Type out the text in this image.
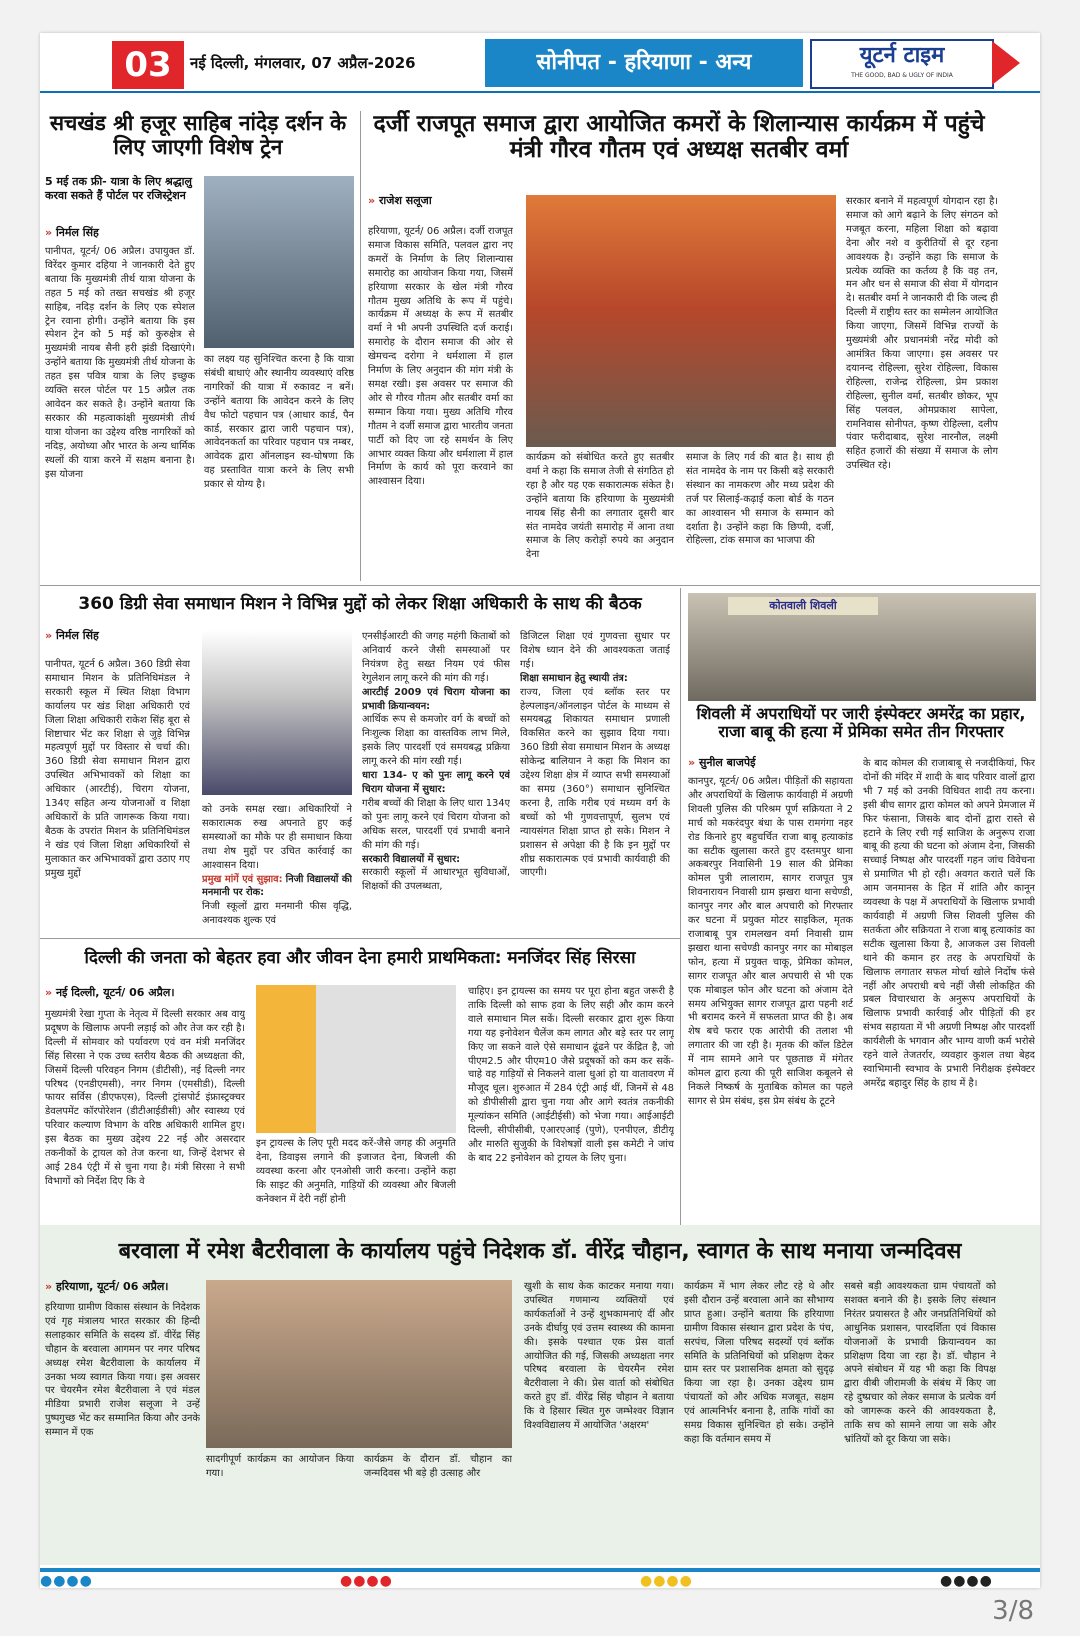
03	नई दिल्ली, मंगलवार, 07 अप्रैल-2026	सोनीपत - हरियाणा - अन्य	यूटर्न टाइम
THE GOOD, BAD & UGLY OF INDIA
सचखंड श्री हजूर साहिब नांदेड़ दर्शन के लिए जाएगी विशेष ट्रेन
5 मई तक फ्री- यात्रा के लिए श्रद्धालु करवा सकते हैं पोर्टल पर रजिस्ट्रेशन
» निर्मल सिंह
पानीपत, यूटर्न/ 06 अप्रैल। उपायुक्त डॉ. विरेंदर कुमार दहिया ने जानकारी देते हुए बताया कि मुख्यमंत्री तीर्थ यात्रा योजना के तहत 5 मई को तख्त सचखंड श्री हजूर साहिब, नदिड़ दर्शन के लिए एक स्पेशल ट्रेन रवाना होगी। उन्होंने बताया कि इस स्पेशन ट्रेन को 5 मई को कुरुक्षेत्र से मुख्यमंत्री नायब सैनी हरी झंडी दिखाएंगे। उन्होंने बताया कि मुख्यमंत्री तीर्थ योजना के तहत इस पवित्र यात्रा के लिए इच्छुक व्यक्ति सरल पोर्टल पर 15 अप्रैल तक आवेदन कर सकते है। उन्होंने बताया कि सरकार की महत्वाकांक्षी मुख्यमंत्री तीर्थ यात्रा योजना का उद्देश्य वरिष्ठ नागरिकों को नदिड़, अयोध्या और भारत के अन्य धार्मिक स्थलों की यात्रा करने में सक्षम बनाना है। इस योजना
का लक्ष्य यह सुनिश्चित करना है कि यात्रा संबंधी बाधाएं और स्थानीय व्यवस्थाएं वरिष्ठ नागरिकों की यात्रा में रुकावट न बनें। उन्होंने बताया कि आवेदन करने के लिए वैध फोटो पहचान पत्र (आधार कार्ड, पैन कार्ड, सरकार द्वारा जारी पहचान पत्र), आवेदनकर्ता का परिवार पहचान पत्र नम्बर, आवेदक द्वारा ऑनलाइन स्व-घोषणा कि वह प्रस्तावित यात्रा करने के लिए सभी प्रकार से योग्य है।
दर्जी राजपूत समाज द्वारा आयोजित कमरों के शिलान्यास कार्यक्रम में पहुंचे मंत्री गौरव गौतम एवं अध्यक्ष सतबीर वर्मा
» राजेश सलूजा
हरियाणा, यूटर्न/ 06 अप्रैल। दर्जी राजपूत समाज विकास समिति, पलवल द्वारा नए कमरों के निर्माण के लिए शिलान्यास समारोह का आयोजन किया गया, जिसमें हरियाणा सरकार के खेल मंत्री गौरव गौतम मुख्य अतिथि के रूप में पहुंचे। कार्यक्रम में अध्यक्ष के रूप में सतबीर वर्मा ने भी अपनी उपस्थिति दर्ज कराई। समारोह के दौरान समाज की ओर से खेमचन्द दरोगा ने धर्मशाला में हाल निर्माण के लिए अनुदान की मांग मंत्री के समक्ष रखी। इस अवसर पर समाज की ओर से गौरव गौतम और सतबीर वर्मा का सम्मान किया गया। मुख्य अतिथि गौरव गौतम ने दर्जी समाज द्वारा भारतीय जनता पार्टी को दिए जा रहे समर्थन के लिए आभार व्यक्त किया और धर्मशाला में हाल निर्माण के कार्य को पूरा करवाने का आश्वासन दिया।
कार्यक्रम को संबोधित करते हुए सतबीर वर्मा ने कहा कि समाज तेजी से संगठित हो रहा है और यह एक सकारात्मक संकेत है। उन्होंने बताया कि हरियाणा के मुख्यमंत्री नायब सिंह सैनी का लगातार दूसरी बार संत नामदेव जयंती समारोह में आना तथा समाज के लिए करोड़ों रुपये का अनुदान देना
समाज के लिए गर्व की बात है। साथ ही संत नामदेव के नाम पर किसी बड़े सरकारी संस्थान का नामकरण और मध्य प्रदेश की तर्ज पर सिलाई-कढ़ाई कला बोर्ड के गठन का आश्वासन भी समाज के सम्मान को दर्शाता है। उन्होंने कहा कि छिप्पी, दर्जी, रोहिल्ला, टांक समाज का भाजपा की
सरकार बनाने में महत्वपूर्ण योगदान रहा है। समाज को आगे बढ़ाने के लिए संगठन को मजबूत करना, महिला शिक्षा को बढ़ावा देना और नशे व कुरीतियों से दूर रहना आवश्यक है। उन्होंने कहा कि समाज के प्रत्येक व्यक्ति का कर्तव्य है कि वह तन, मन और धन से समाज की सेवा में योगदान दे। सतबीर वर्मा ने जानकारी दी कि जल्द ही दिल्ली में राष्ट्रीय स्तर का सम्मेलन आयोजित किया जाएगा, जिसमें विभिन्न राज्यों के मुख्यमंत्री और प्रधानमंत्री नरेंद्र मोदी को आमंत्रित किया जाएगा। इस अवसर पर दयानन्द रोहिल्ला, सुरेश रोहिल्ला, विकास रोहिल्ला, राजेन्द्र रोहिल्ला, प्रेम प्रकाश रोहिल्ला, सुनील वर्मा, सतबीर छोकर, भूप सिंह पलवल, ओमप्रकाश सापेला, रामनिवास सोनीपत, कृष्ण रोहिल्ला, दलीप पंवार फरीदाबाद, सुरेश नारनौल, लक्ष्मी सहित हजारों की संख्या में समाज के लोग उपस्थित रहे।
360 डिग्री सेवा समाधान मिशन ने विभिन्न मुद्दों को लेकर शिक्षा अधिकारी के साथ की बैठक
» निर्मल सिंह
पानीपत, यूटर्न 6 अप्रैल। 360 डिग्री सेवा समाधान मिशन के प्रतिनिधिमंडल ने सरकारी स्कूल में स्थित शिक्षा विभाग कार्यालय पर खंड शिक्षा अधिकारी एवं जिला शिक्षा अधिकारी राकेश सिंह बूरा से शिष्टाचार भेंट कर शिक्षा से जुड़े विभिन्न महत्वपूर्ण मुद्दों पर विस्तार से चर्चा की। 360 डिग्री सेवा समाधान मिशन द्वारा उपस्थित अभिभावकों को शिक्षा का अधिकार (आरटीई), चिराग योजना, 134ए सहित अन्य योजनाओं व शिक्षा अधिकारों के प्रति जागरूक किया गया। बैठक के उपरांत मिशन के प्रतिनिधिमंडल ने खंड एवं जिला शिक्षा अधिकारियों से मुलाकात कर अभिभावकों द्वारा उठाए गए प्रमुख मुद्दों
को उनके समक्ष रखा। अधिकारियों ने सकारात्मक रुख अपनाते हुए कई समस्याओं का मौके पर ही समाधान किया तथा शेष मुद्दों पर उचित कार्रवाई का आश्वासन दिया।
प्रमुख मांगें एवं सुझाव: निजी विद्यालयों की मनमानी पर रोक:
निजी स्कूलों द्वारा मनमानी फीस वृद्धि, अनावश्यक शुल्क एवं
एनसीईआरटी की जगह महंगी किताबों को अनिवार्य करने जैसी समस्याओं पर नियंत्रण हेतु सख्त नियम एवं फीस रेगुलेशन लागू करने की मांग की गई।
आरटीई 2009 एवं चिराग योजना का प्रभावी क्रियान्वयन:
आर्थिक रूप से कमजोर वर्ग के बच्चों को निःशुल्क शिक्षा का वास्तविक लाभ मिले, इसके लिए पारदर्शी एवं समयबद्ध प्रक्रिया लागू करने की मांग रखी गई।
धारा 134- ए को पुनः लागू करने एवं चिराग योजना में सुधार:
गरीब बच्चों की शिक्षा के लिए धारा 134ए को पुनः लागू करने एवं चिराग योजना को अधिक सरल, पारदर्शी एवं प्रभावी बनाने की मांग की गई।
सरकारी विद्यालयों में सुधार:
सरकारी स्कूलों में आधारभूत सुविधाओं, शिक्षकों की उपलब्धता,
डिजिटल शिक्षा एवं गुणवत्ता सुधार पर विशेष ध्यान देने की आवश्यकता जताई गई।
शिक्षा समाधान हेतु स्थायी तंत्र:
राज्य, जिला एवं ब्लॉक स्तर पर हेल्पलाइन/ऑनलाइन पोर्टल के माध्यम से समयबद्ध शिकायत समाधान प्रणाली विकसित करने का सुझाव दिया गया। 360 डिग्री सेवा समाधान मिशन के अध्यक्ष सोकेन्द्र बालियान ने कहा कि मिशन का उद्देश्य शिक्षा क्षेत्र में व्याप्त सभी समस्याओं का समग्र (360°) समाधान सुनिश्चित करना है, ताकि गरीब एवं मध्यम वर्ग के बच्चों को भी गुणवत्तापूर्ण, सुलभ एवं न्यायसंगत शिक्षा प्राप्त हो सके। मिशन ने प्रशासन से अपेक्षा की है कि इन मुद्दों पर शीघ्र सकारात्मक एवं प्रभावी कार्यवाही की जाएगी।
कोतवाली शिवली
शिवली में अपराधियों पर जारी इंस्पेक्टर अमरेंद्र का प्रहार, राजा बाबू की हत्या में प्रेमिका समेत तीन गिरफ्तार
» सुनील बाजपेई
कानपुर, यूटर्न/ 06 अप्रैल। पीड़ितों की सहायता और अपराधियों के खिलाफ कार्यवाही में अग्रणी शिवली पुलिस की परिश्रम पूर्ण सक्रियता ने 2 मार्च को मकरंदपुर बंधा के पास रामगंगा नहर रोड किनारे हुए बहुचर्चित राजा बाबू हत्याकांड का सटीक खुलासा करते हुए दस्तमपुर थाना अकबरपुर निवासिनी 19 साल की प्रेमिका कोमल पुत्री लालाराम, सागर राजपूत पुत्र शिवनारायन निवासी ग्राम झखरा थाना सचेण्डी, कानपुर नगर और बाल अपचारी को गिरफ्तार कर घटना में प्रयुक्त मोटर साइकिल, मृतक राजाबाबू पुत्र रामलखन वर्मा निवासी ग्राम झखरा थाना सचेण्डी कानपुर नगर का मोबाइल फोन, हत्या में प्रयुक्त चाकू, प्रेमिका कोमल, सागर राजपूत और बाल अपचारी से भी एक एक मोबाइल फोन और घटना को अंजाम देते समय अभियुक्त सागर राजपूत द्वारा पहनी शर्ट भी बरामद करने में सफलता प्राप्त की है। अब शेष बचे फरार एक आरोपी की तलाश भी लगातार की जा रही है। मृतक की कॉल डिटेल में नाम सामने आने पर पूछताछ में मंगेतर कोमल द्वारा हत्या की पूरी साजिश कबूलने से निकले निष्कर्ष के मुताबिक कोमल का पहले सागर से प्रेम संबंध, इस प्रेम संबंध के टूटने
के बाद कोमल की राजाबाबू से नजदीकियां, फिर दोनों की मंदिर में शादी के बाद परिवार वालों द्वारा भी 7 मई को उनकी विधिवत शादी तय करना। इसी बीच सागर द्वारा कोमल को अपने प्रेमजाल में फिर फंसाना, जिसके बाद दोनों द्वारा रास्ते से हटाने के लिए रची गई साजिश के अनुरूप राजा बाबू की हत्या की घटना को अंजाम देना, जिसकी सच्चाई निष्पक्ष और पारदर्शी गहन जांच विवेचना से प्रमाणित भी हो रही। अवगत कराते चलें कि आम जनमानस के हित में शांति और कानून व्यवस्था के पक्ष में अपराधियों के खिलाफ प्रभावी कार्यवाही में अग्रणी जिस शिवली पुलिस की सतर्कता और सक्रियता ने राजा बाबू हत्याकांड का सटीक खुलासा किया है, आजकल उस शिवली थाने की कमान हर तरह के अपराधियों के खिलाफ लगातार सफल मोर्चा खोले निर्दोष फंसे नहीं और अपराधी बचे नहीं जैसी लोकहित की प्रबल विचारधारा के अनुरूप अपराधियों के खिलाफ प्रभावी कार्रवाई और पीड़ितों की हर संभव सहायता में भी अग्रणी निष्पक्ष और पारदर्शी कार्यशैली के भगवान और भाग्य वाणी कर्म भरोसे रहने वाले तेजतर्रार, व्यवहार कुशल तथा बेहद स्वाभिमानी स्वभाव के प्रभारी निरीक्षक इंस्पेक्टर अमरेंद्र बहादुर सिंह के हाथ में है।
दिल्ली की जनता को बेहतर हवा और जीवन देना हमारी प्राथमिकता: मनजिंदर सिंह सिरसा
» नई दिल्ली, यूटर्न/ 06 अप्रैल।
मुख्यमंत्री रेखा गुप्ता के नेतृत्व में दिल्ली सरकार अब वायु प्रदूषण के खिलाफ अपनी लड़ाई को और तेज कर रही है। दिल्ली में सोमवार को पर्यावरण एवं वन मंत्री मनजिंदर सिंह सिरसा ने एक उच्च स्तरीय बैठक की अध्यक्षता की, जिसमें दिल्ली परिवहन निगम (डीटीसी), नई दिल्ली नगर परिषद (एनडीएमसी), नगर निगम (एमसीडी), दिल्ली फायर सर्विस (डीएफएस), दिल्ली ट्रांसपोर्ट इंफ्रास्ट्रक्चर डेवलपमेंट कॉरपोरेशन (डीटीआईडीसी) और स्वास्थ्य एवं परिवार कल्याण विभाग के वरिष्ठ अधिकारी शामिल हुए। इस बैठक का मुख्य उद्देश्य 22 नई और असरदार तकनीकों के ट्रायल को तेज करना था, जिन्हें देशभर से आई 284 एंट्री में से चुना गया है। मंत्री सिरसा ने सभी विभागों को निर्देश दिए कि वे
इन ट्रायल्स के लिए पूरी मदद करें-जैसे जगह की अनुमति देना, डिवाइस लगाने की इजाजत देना, बिजली की व्यवस्था करना और एनओसी जारी करना। उन्होंने कहा कि साइट की अनुमति, गाड़ियों की व्यवस्था और बिजली कनेक्शन में देरी नहीं होनी
चाहिए। इन ट्रायल्स का समय पर पूरा होना बहुत जरूरी है ताकि दिल्ली को साफ हवा के लिए सही और काम करने वाले समाधान मिल सकें। दिल्ली सरकार द्वारा शुरू किया गया यह इनोवेशन चैलेंज कम लागत और बड़े स्तर पर लागू किए जा सकने वाले ऐसे समाधान ढूंढने पर केंद्रित है, जो पीएम2.5 और पीएम10 जैसे प्रदूषकों को कम कर सकें-चाहे वह गाड़ियों से निकलने वाला धुआं हो या वातावरण में मौजूद धूल। शुरुआत में 284 एंट्री आई थीं, जिनमें से 48 को डीपीसीसी द्वारा चुना गया और आगे स्वतंत्र तकनीकी मूल्यांकन समिति (आईटीईसी) को भेजा गया। आईआईटी दिल्ली, सीपीसीबी, एआरएआई (पुणे), एनपीएल, डीटीयू और मारुति सुजुकी के विशेषज्ञों वाली इस कमेटी ने जांच के बाद 22 इनोवेशन को ट्रायल के लिए चुना।
बरवाला में रमेश बैटरीवाला के कार्यालय पहुंचे निदेशक डॉ. वीरेंद्र चौहान, स्वागत के साथ मनाया जन्मदिवस
» हरियाणा, यूटर्न/ 06 अप्रैल।
हरियाणा ग्रामीण विकास संस्थान के निदेशक एवं गृह मंत्रालय भारत सरकार की हिन्दी सलाहकार समिति के सदस्य डॉ. वीरेंद्र सिंह चौहान के बरवाला आगमन पर नगर परिषद अध्यक्ष रमेश बैटरीवाला के कार्यालय में उनका भव्य स्वागत किया गया। इस अवसर पर चेयरमैन रमेश बैटरीवाला ने एवं मंडल मीडिया प्रभारी राजेश सलूजा ने उन्हें पुष्पगुच्छ भेंट कर सम्मानित किया और उनके सम्मान में एक
सादगीपूर्ण कार्यक्रम का आयोजन किया गया।
कार्यक्रम के दौरान डॉ. चौहान का जन्मदिवस भी बड़े ही उत्साह और
खुशी के साथ केक काटकर मनाया गया। उपस्थित गणमान्य व्यक्तियों एवं कार्यकर्ताओं ने उन्हें शुभकामनाएं दीं और उनके दीर्घायु एवं उत्तम स्वास्थ्य की कामना की। इसके पश्चात एक प्रेस वार्ता आयोजित की गई, जिसकी अध्यक्षता नगर परिषद बरवाला के चेयरमैन रमेश बैटरीवाला ने की। प्रेस वार्ता को संबोधित करते हुए डॉ. वीरेंद्र सिंह चौहान ने बताया कि वे हिसार स्थित गुरु जम्भेश्वर विज्ञान विश्वविद्यालय में आयोजित 'अक्षरम'
कार्यक्रम में भाग लेकर लौट रहे थे और इसी दौरान उन्हें बरवाला आने का सौभाग्य प्राप्त हुआ। उन्होंने बताया कि हरियाणा ग्रामीण विकास संस्थान द्वारा प्रदेश के पंच, सरपंच, जिला परिषद सदस्यों एवं ब्लॉक समिति के प्रतिनिधियों को प्रशिक्षण देकर ग्राम स्तर पर प्रशासनिक क्षमता को सुदृढ़ किया जा रहा है। उनका उद्देश्य ग्राम पंचायतों को और अधिक मजबूत, सक्षम एवं आत्मनिर्भर बनाना है, ताकि गांवों का समग्र विकास सुनिश्चित हो सके। उन्होंने कहा कि वर्तमान समय में
सबसे बड़ी आवश्यकता ग्राम पंचायतों को सशक्त बनाने की है। इसके लिए संस्थान निरंतर प्रयासरत है और जनप्रतिनिधियों को आधुनिक प्रशासन, पारदर्शिता एवं विकास योजनाओं के प्रभावी क्रियान्वयन का प्रशिक्षण दिया जा रहा है। डॉ. चौहान ने अपने संबोधन में यह भी कहा कि विपक्ष द्वारा वीबी जीरामजी के संबंध में किए जा रहे दुष्प्रचार को लेकर समाज के प्रत्येक वर्ग को जागरूक करने की आवश्यकता है, ताकि सच को सामने लाया जा सके और भ्रांतियों को दूर किया जा सके।
●●●●	●●●●	●●●●	●●●●
3/8
